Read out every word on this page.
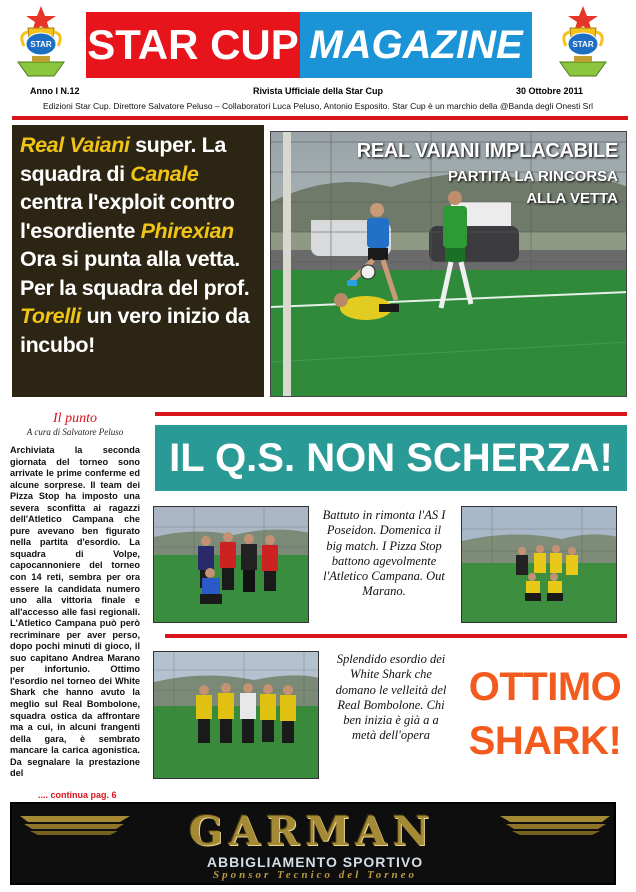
STAR	STAR
STAR CUP MAGAZINE
Anno I N.12	Rivista Ufficiale della Star Cup	30 Ottobre 2011
Edizioni Star Cup. Direttore Salvatore Peluso – Collaboratori Luca Peluso, Antonio Esposito. Star Cup è un marchio della @Banda degli Onesti Srl

Real Vaiani super. La squadra di Canale centra l'exploit contro l'esordiente Phirexian Ora si punta alla vetta. Per la squadra del prof. Torelli un vero inizio da incubo!

REAL VAIANI IMPLACABILE
PARTITA LA RINCORSA
ALLA VETTA
Il punto
A cura di Salvatore Peluso
Archiviata la seconda giornata del torneo sono arrivate le prime conferme ed alcune sorprese. Il team dei Pizza Stop ha imposto una severa sconfitta ai ragazzi dell'Atletico Campana che pure avevano ben figurato nella partita d'esordio. La squadra di Volpe, capocannoniere del torneo con 14 reti, sembra per ora essere la candidata numero uno alla vittoria finale e all'accesso alle fasi regionali. L'Atletico Campana può però recriminare per aver perso, dopo pochi minuti di gioco, il suo capitano Andrea Marano per infortunio. Ottimo l'esordio nel torneo dei White Shark che hanno avuto la meglio sul Real Bombolone, squadra ostica da affrontare ma a cui, in alcuni frangenti della gara, è sembrato mancare la carica agonistica. Da segnalare la prestazione del
.... continua pag. 6
IL Q.S. NON SCHERZA!
Battuto in rimonta l'AS I Poseidon. Domenica il big match. I Pizza Stop battono agevolmente l'Atletico Campana. Out Marano.
Splendido esordio dei White Shark che domano le velleità del Real Bombolone. Chi ben inizia è già a a metà dell'opera
OTTIMO
SHARK!
GARMAN
ABBIGLIAMENTO SPORTIVO
Sponsor Tecnico del Torneo
